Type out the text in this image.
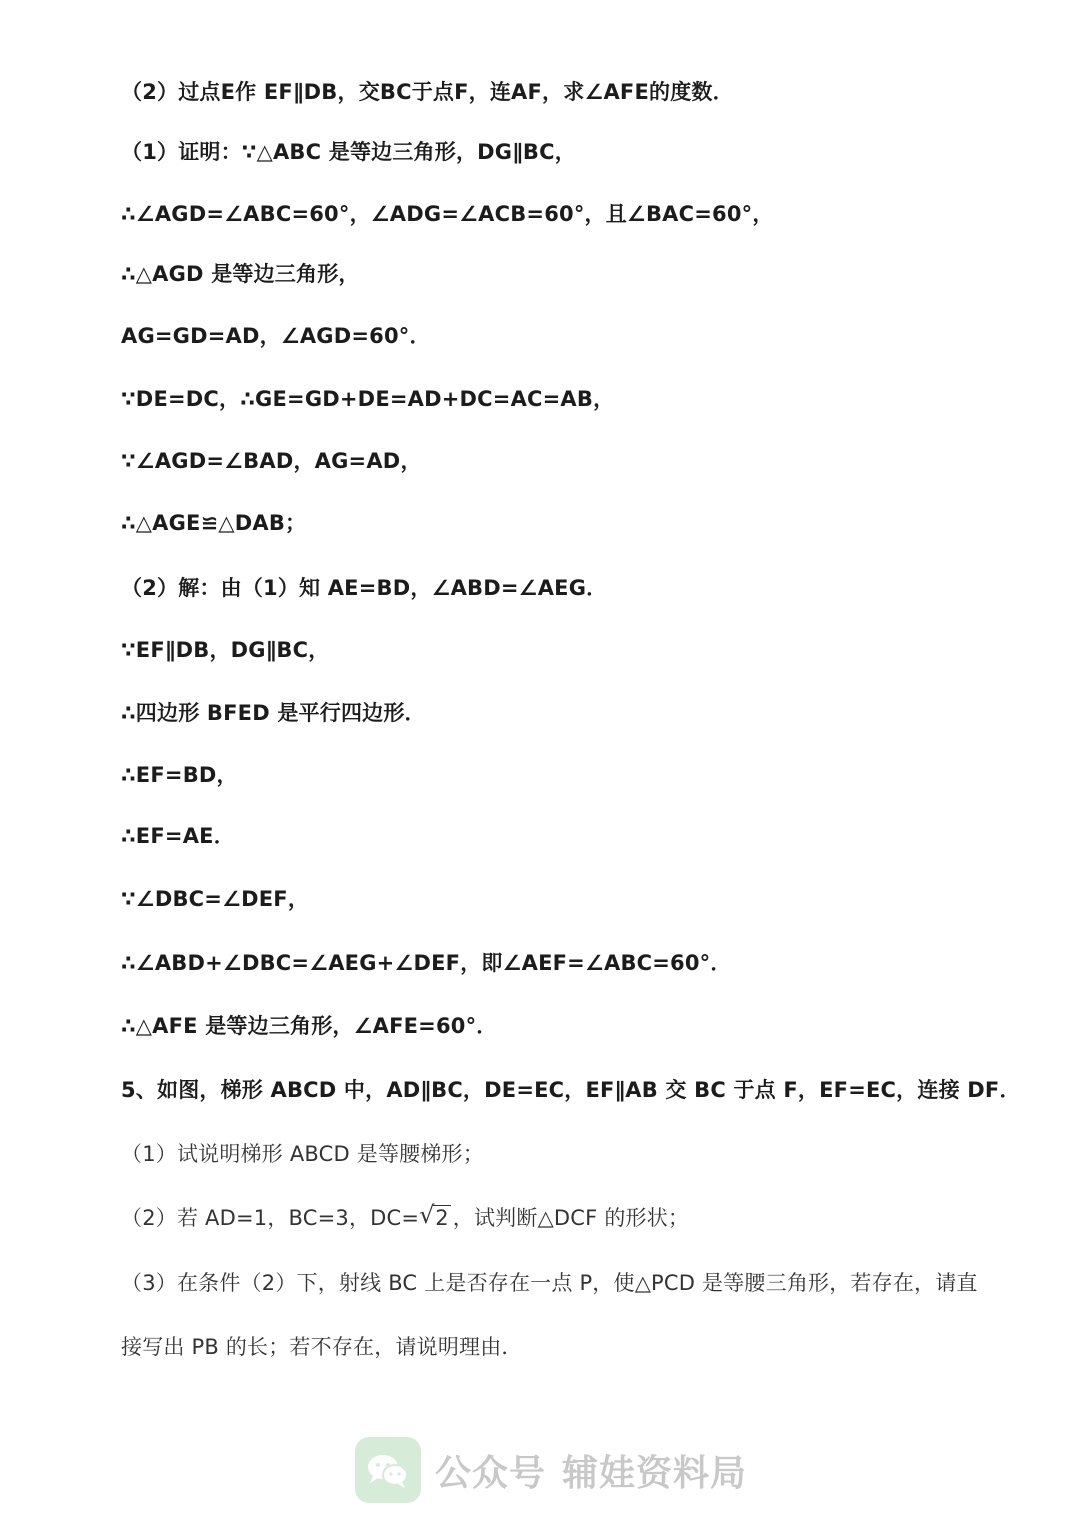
（2）过点E作 EF∥DB，交BC于点F，连AF，求∠AFE的度数．
（1）证明：∵△ABC 是等边三角形，DG∥BC，
∴∠AGD=∠ABC=60°，∠ADG=∠ACB=60°，且∠BAC=60°，
∴△AGD 是等边三角形，
AG=GD=AD，∠AGD=60°．
∵DE=DC，∴GE=GD+DE=AD+DC=AC=AB，
∵∠AGD=∠BAD，AG=AD，
∴△AGE≌△DAB；
（2）解：由（1）知 AE=BD，∠ABD=∠AEG．
∵EF∥DB，DG∥BC，
∴四边形 BFED 是平行四边形．
∴EF=BD，
∴EF=AE．
∵∠DBC=∠DEF，
∴∠ABD+∠DBC=∠AEG+∠DEF，即∠AEF=∠ABC=60°．
∴△AFE 是等边三角形，∠AFE=60°．
5、如图，梯形 ABCD 中，AD∥BC，DE=EC，EF∥AB 交 BC 于点 F，EF=EC，连接 DF．
（1）试说明梯形 ABCD 是等腰梯形；
（2）若 AD=1，BC=3，DC= √ 2 ，试判断△DCF 的形状；
（3）在条件（2）下，射线 BC 上是否存在一点 P，使△PCD 是等腰三角形，若存在，请直
接写出 PB 的长；若不存在，请说明理由．
公众号 辅娃资料局
